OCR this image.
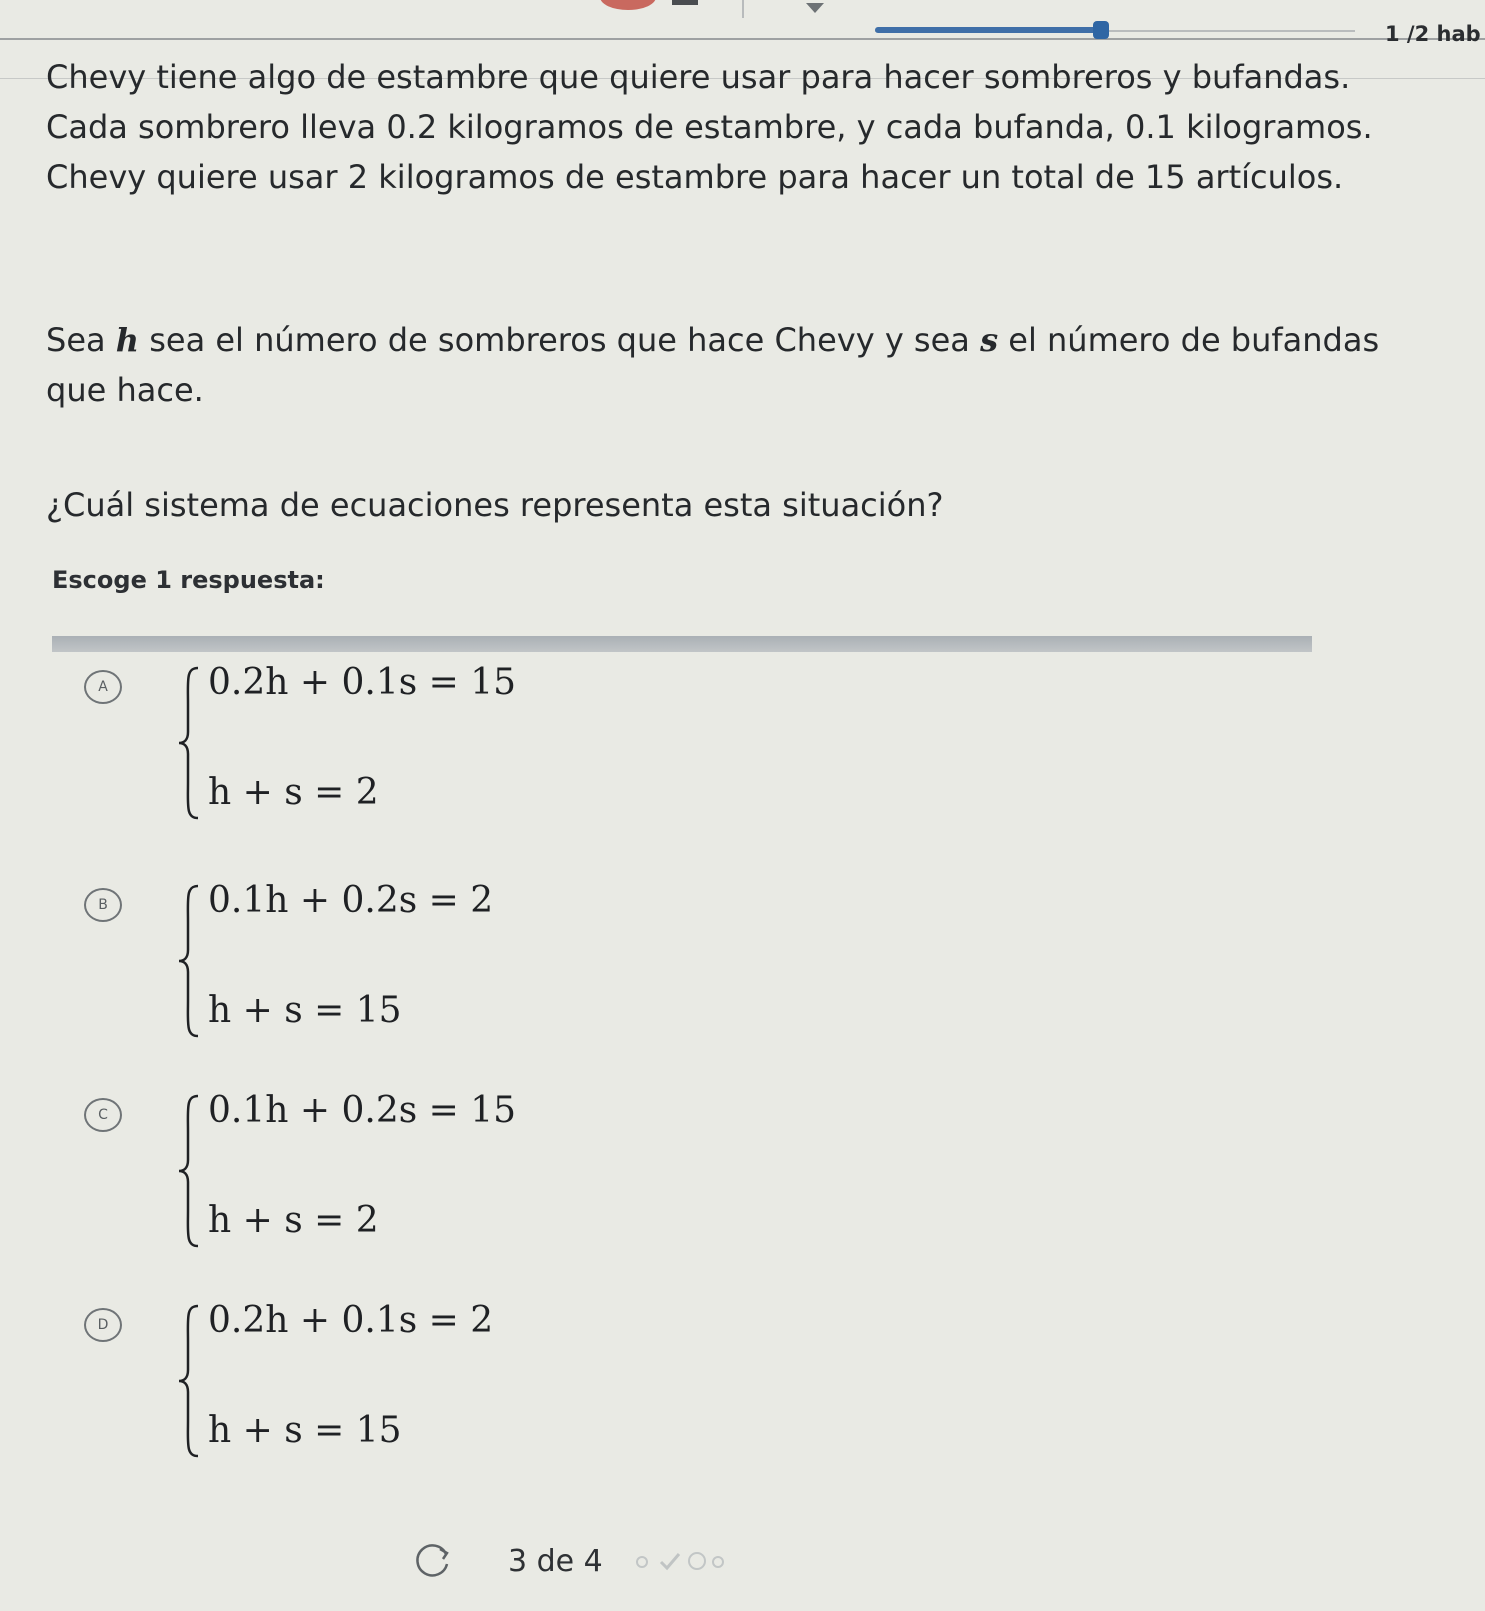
1 /2 hab

Chevy tiene algo de estambre que quiere usar para hacer sombreros y bufandas. Cada sombrero lleva 0.2 kilogramos de estambre, y cada bufanda, 0.1 kilogramos. Chevy quiere usar 2 kilogramos de estambre para hacer un total de 15 artículos.

Sea h sea el número de sombreros que hace Chevy y sea s el número de bufandas que hace.

¿Cuál sistema de ecuaciones representa esta situación?

Escoge 1 respuesta:
A	0.2h + 0.1s = 15
h + s = 2
B	0.1h + 0.2s = 2
h + s = 15
C	0.1h + 0.2s = 15
h + s = 2
D	0.2h + 0.1s = 2
h + s = 15
3 de 4
